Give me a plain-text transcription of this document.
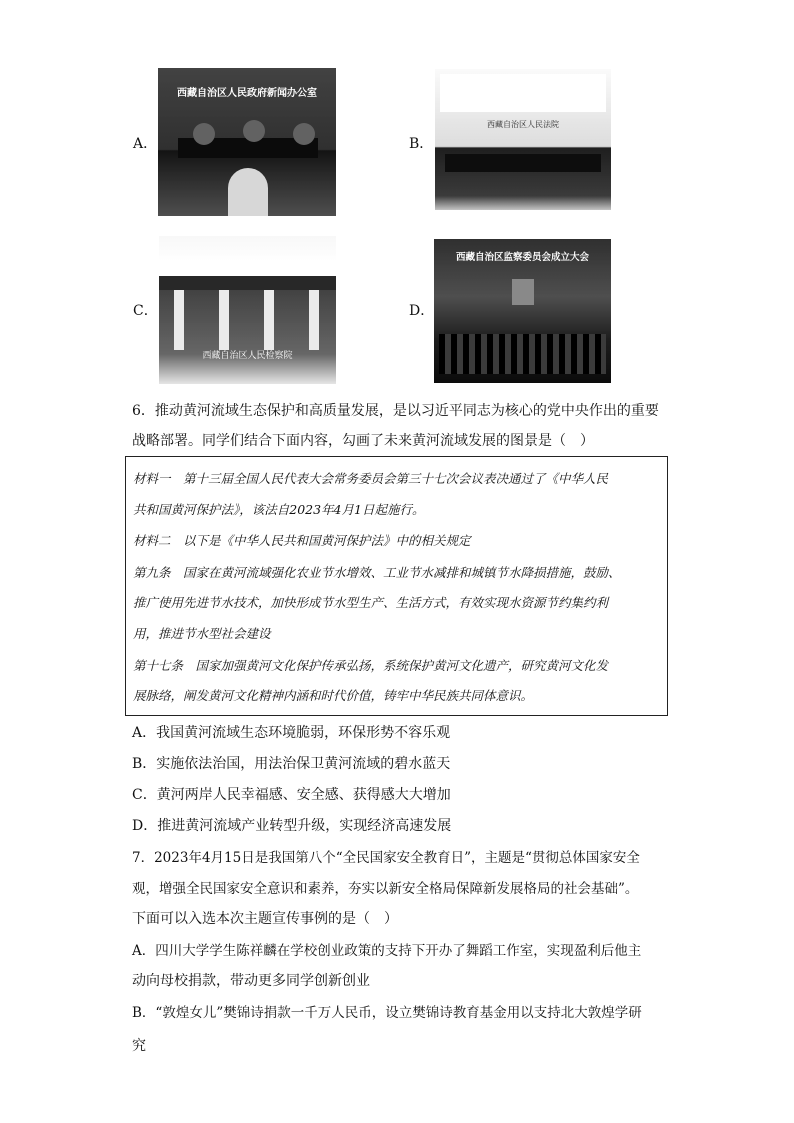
A．
西藏自治区人民政府新闻办公室
B．
西藏自治区人民法院
C．
西藏自治区人民检察院
D．
西藏自治区监察委员会成立大会
6．推动黄河流域生态保护和高质量发展，是以习近平同志为核心的党中央作出的重要
战略部署。同学们结合下面内容，勾画了未来黄河流域发展的图景是（　）
材料一　第十三届全国人民代表大会常务委员会第三十七次会议表决通过了《中华人民
共和国黄河保护法》，该法自2023年4月1日起施行。
材料二　以下是《中华人民共和国黄河保护法》中的相关规定
第九条　国家在黄河流域强化农业节水增效、工业节水减排和城镇节水降损措施，鼓励、
推广使用先进节水技术，加快形成节水型生产、生活方式，有效实现水资源节约集约利
用，推进节水型社会建设
第十七条　国家加强黄河文化保护传承弘扬，系统保护黄河文化遗产，研究黄河文化发
展脉络，阐发黄河文化精神内涵和时代价值，铸牢中华民族共同体意识。
A．我国黄河流域生态环境脆弱，环保形势不容乐观
B．实施依法治国，用法治保卫黄河流域的碧水蓝天
C．黄河两岸人民幸福感、安全感、获得感大大增加
D．推进黄河流域产业转型升级，实现经济高速发展
7．2023年4月15日是我国第八个“全民国家安全教育日”，主题是“贯彻总体国家安全
观，增强全民国家安全意识和素养，夯实以新安全格局保障新发展格局的社会基础”。
下面可以入选本次主题宣传事例的是（　）
A．四川大学学生陈祥麟在学校创业政策的支持下开办了舞蹈工作室，实现盈利后他主
动向母校捐款，带动更多同学创新创业
B．“敦煌女儿”樊锦诗捐款一千万人民币，设立樊锦诗教育基金用以支持北大敦煌学研
究
